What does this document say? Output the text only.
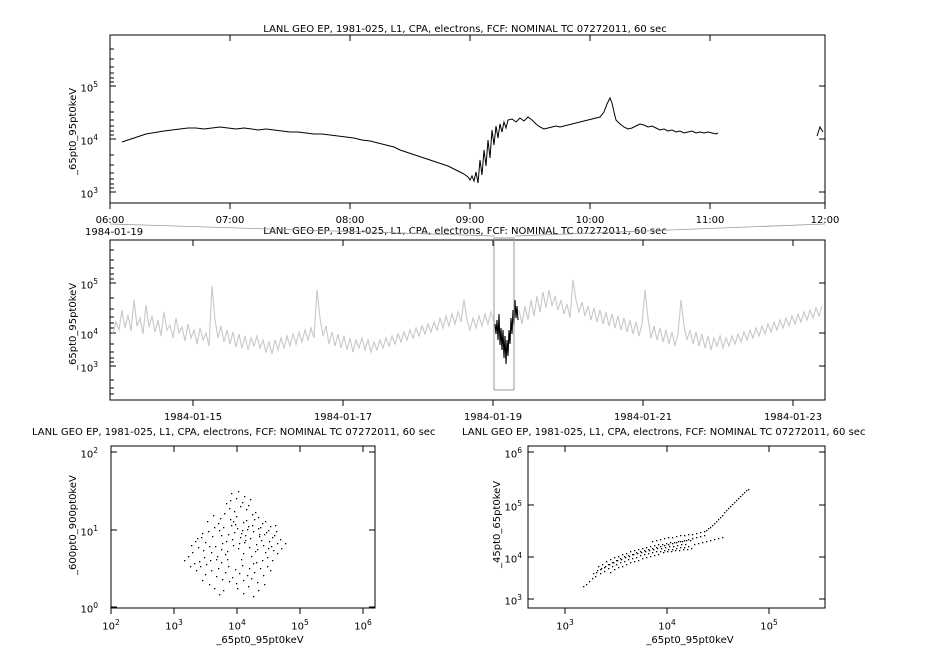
LANL GEO EP, 1981-025, L1, CPA, electrons, FCF: NOMINAL TC 07272011, 60 sec
_65pt0_95pt0keV $10^5$
$10^4$
$10^3$
06:00	07:00	08:00	09:00	10:00	11:00	12:00
1984-01-19	LANL GEO EP, 1981-025, L1, CPA, electrons, FCF: NOMINAL TC 07272011, 60 sec
_65pt0_95pt0keV $10^5$
$10^4$
$10^3$
1984-01-15	1984-01-17	1984-01-19	1984-01-21	1984-01-23
LANL GEO EP, 1981-025, L1, CPA, electrons, FCF: NOMINAL TC 07272011, 60 sec
_600pt0_900pt0keV
_65pt0_95pt0keV
$10^2$
$10^1$
$10^0$
$10^2$	$10^3$	$10^4$	$10^5$	$10^6$
LANL GEO EP, 1981-025, L1, CPA, electrons, FCF: NOMINAL TC 07272011, 60 sec
_45pt0_65pt0keV
_65pt0_95pt0keV
$10^6$
$10^5$
$10^4$
$10^3$
$10^3$	$10^4$	$10^5$
